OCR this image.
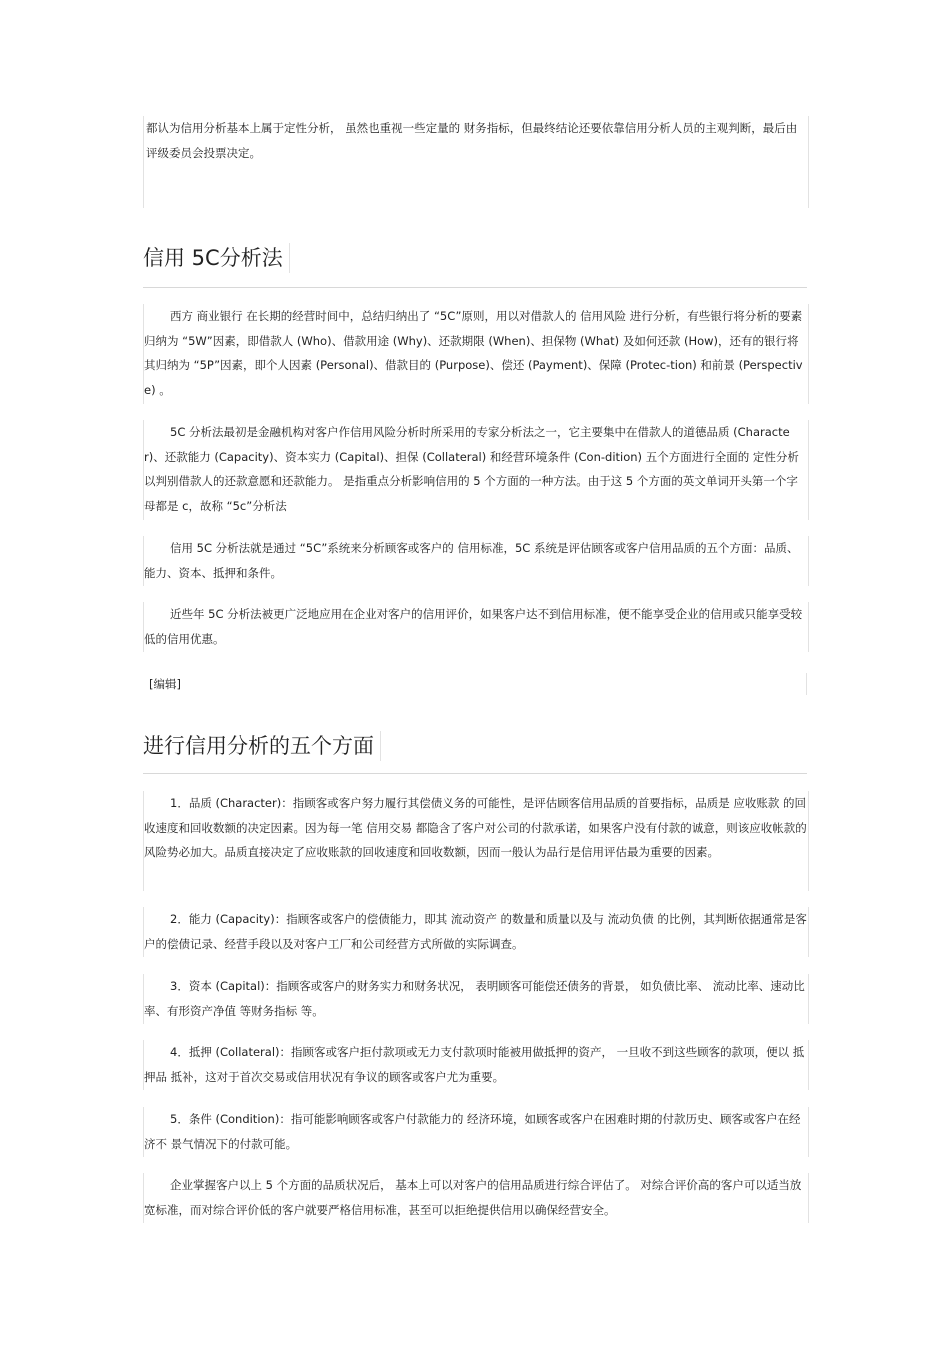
都认为信用分析基本上属于定性分析， 虽然也重视一些定量的 财务指标，但最终结论还要依靠信用分析人员的主观判断，最后由评级委员会投票决定。

信用 5C分析法

西方 商业银行 在长期的经营时间中，总结归纳出了 “5C”原则，用以对借款人的 信用风险 进行分析，有些银行将分析的要素归纳为 “5W”因素，即借款人 (Who)、借款用途 (Why)、还款期限 (When)、担保物 (What) 及如何还款 (How)，还有的银行将其归纳为 “5P”因素，即个人因素 (Personal)、借款目的 (Purpose)、偿还 (Payment)、保障 (Protec-tion) 和前景 (Perspective) 。

5C 分析法最初是金融机构对客户作信用风险分析时所采用的专家分析法之一，它主要集中在借款人的道德品质 (Character)、还款能力 (Capacity)、资本实力 (Capital)、担保 (Collateral) 和经营环境条件 (Con-dition) 五个方面进行全面的 定性分析 以判别借款人的还款意愿和还款能力。 是指重点分析影响信用的 5 个方面的一种方法。由于这 5 个方面的英文单词开头第一个字母都是 c，故称 “5c”分析法

信用 5C 分析法就是通过 “5C”系统来分析顾客或客户的 信用标准，5C 系统是评估顾客或客户信用品质的五个方面：品质、能力、资本、抵押和条件。

近些年 5C 分析法被更广泛地应用在企业对客户的信用评价，如果客户达不到信用标准，便不能享受企业的信用或只能享受较低的信用优惠。

[编辑]
进行信用分析的五个方面

1．品质 (Character)：指顾客或客户努力履行其偿债义务的可能性，是评估顾客信用品质的首要指标，品质是 应收账款 的回收速度和回收数额的决定因素。因为每一笔 信用交易 都隐含了客户对公司的付款承诺，如果客户没有付款的诚意，则该应收帐款的风险势必加大。品质直接决定了应收账款的回收速度和回收数额，因而一般认为品行是信用评估最为重要的因素。

2．能力 (Capacity)：指顾客或客户的偿债能力，即其 流动资产 的数量和质量以及与 流动负债 的比例，其判断依据通常是客户的偿债记录、经营手段以及对客户工厂和公司经营方式所做的实际调查。

3．资本 (Capital)：指顾客或客户的财务实力和财务状况， 表明顾客可能偿还债务的背景， 如负债比率、 流动比率、速动比率、有形资产净值 等财务指标 等。

4．抵押 (Collateral)：指顾客或客户拒付款项或无力支付款项时能被用做抵押的资产， 一旦收不到这些顾客的款项，便以 抵押品 抵补，这对于首次交易或信用状况有争议的顾客或客户尤为重要。

5．条件 (Condition)：指可能影响顾客或客户付款能力的 经济环境，如顾客或客户在困难时期的付款历史、顾客或客户在经济不 景气情况下的付款可能。

企业掌握客户以上 5 个方面的品质状况后， 基本上可以对客户的信用品质进行综合评估了。 对综合评价高的客户可以适当放宽标准，而对综合评价低的客户就要严格信用标准，甚至可以拒绝提供信用以确保经营安全。
